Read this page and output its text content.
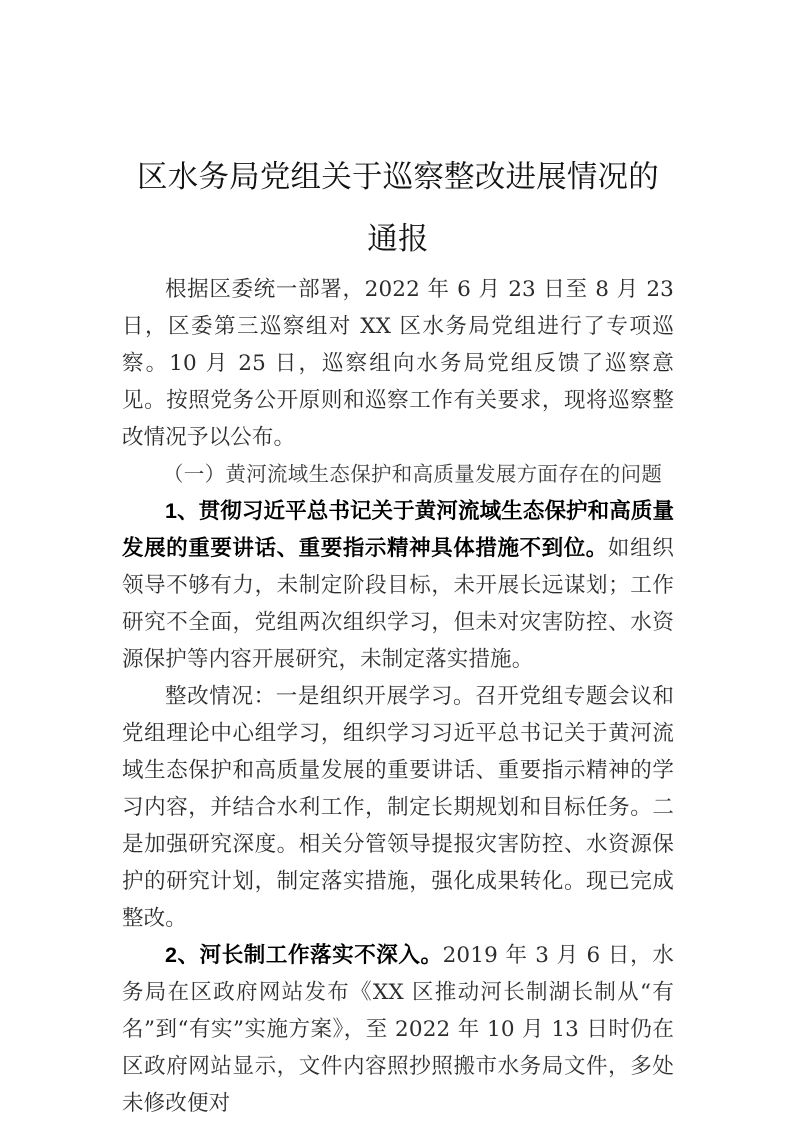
区水务局党组关于巡察整改进展情况的通报

根据区委统一部署，2022 年 6 月 23 日至 8 月 23 日，区委第三巡察组对 XX 区水务局党组进行了专项巡察。10 月 25 日，巡察组向水务局党组反馈了巡察意见。按照党务公开原则和巡察工作有关要求，现将巡察整改情况予以公布。

（一）黄河流域生态保护和高质量发展方面存在的问题

1、贯彻习近平总书记关于黄河流域生态保护和高质量发展的重要讲话、重要指示精神具体措施不到位。如组织领导不够有力，未制定阶段目标，未开展长远谋划；工作研究不全面，党组两次组织学习，但未对灾害防控、水资源保护等内容开展研究，未制定落实措施。

整改情况：一是组织开展学习。召开党组专题会议和党组理论中心组学习，组织学习习近平总书记关于黄河流域生态保护和高质量发展的重要讲话、重要指示精神的学习内容，并结合水利工作，制定长期规划和目标任务。二是加强研究深度。相关分管领导提报灾害防控、水资源保护的研究计划，制定落实措施，强化成果转化。现已完成整改。

2、河长制工作落实不深入。2019 年 3 月 6 日，水务局在区政府网站发布《XX 区推动河长制湖长制从“有名”到“有实”实施方案》，至 2022 年 10 月 13 日时仍在区政府网站显示，文件内容照抄照搬市水务局文件，多处未修改便对
